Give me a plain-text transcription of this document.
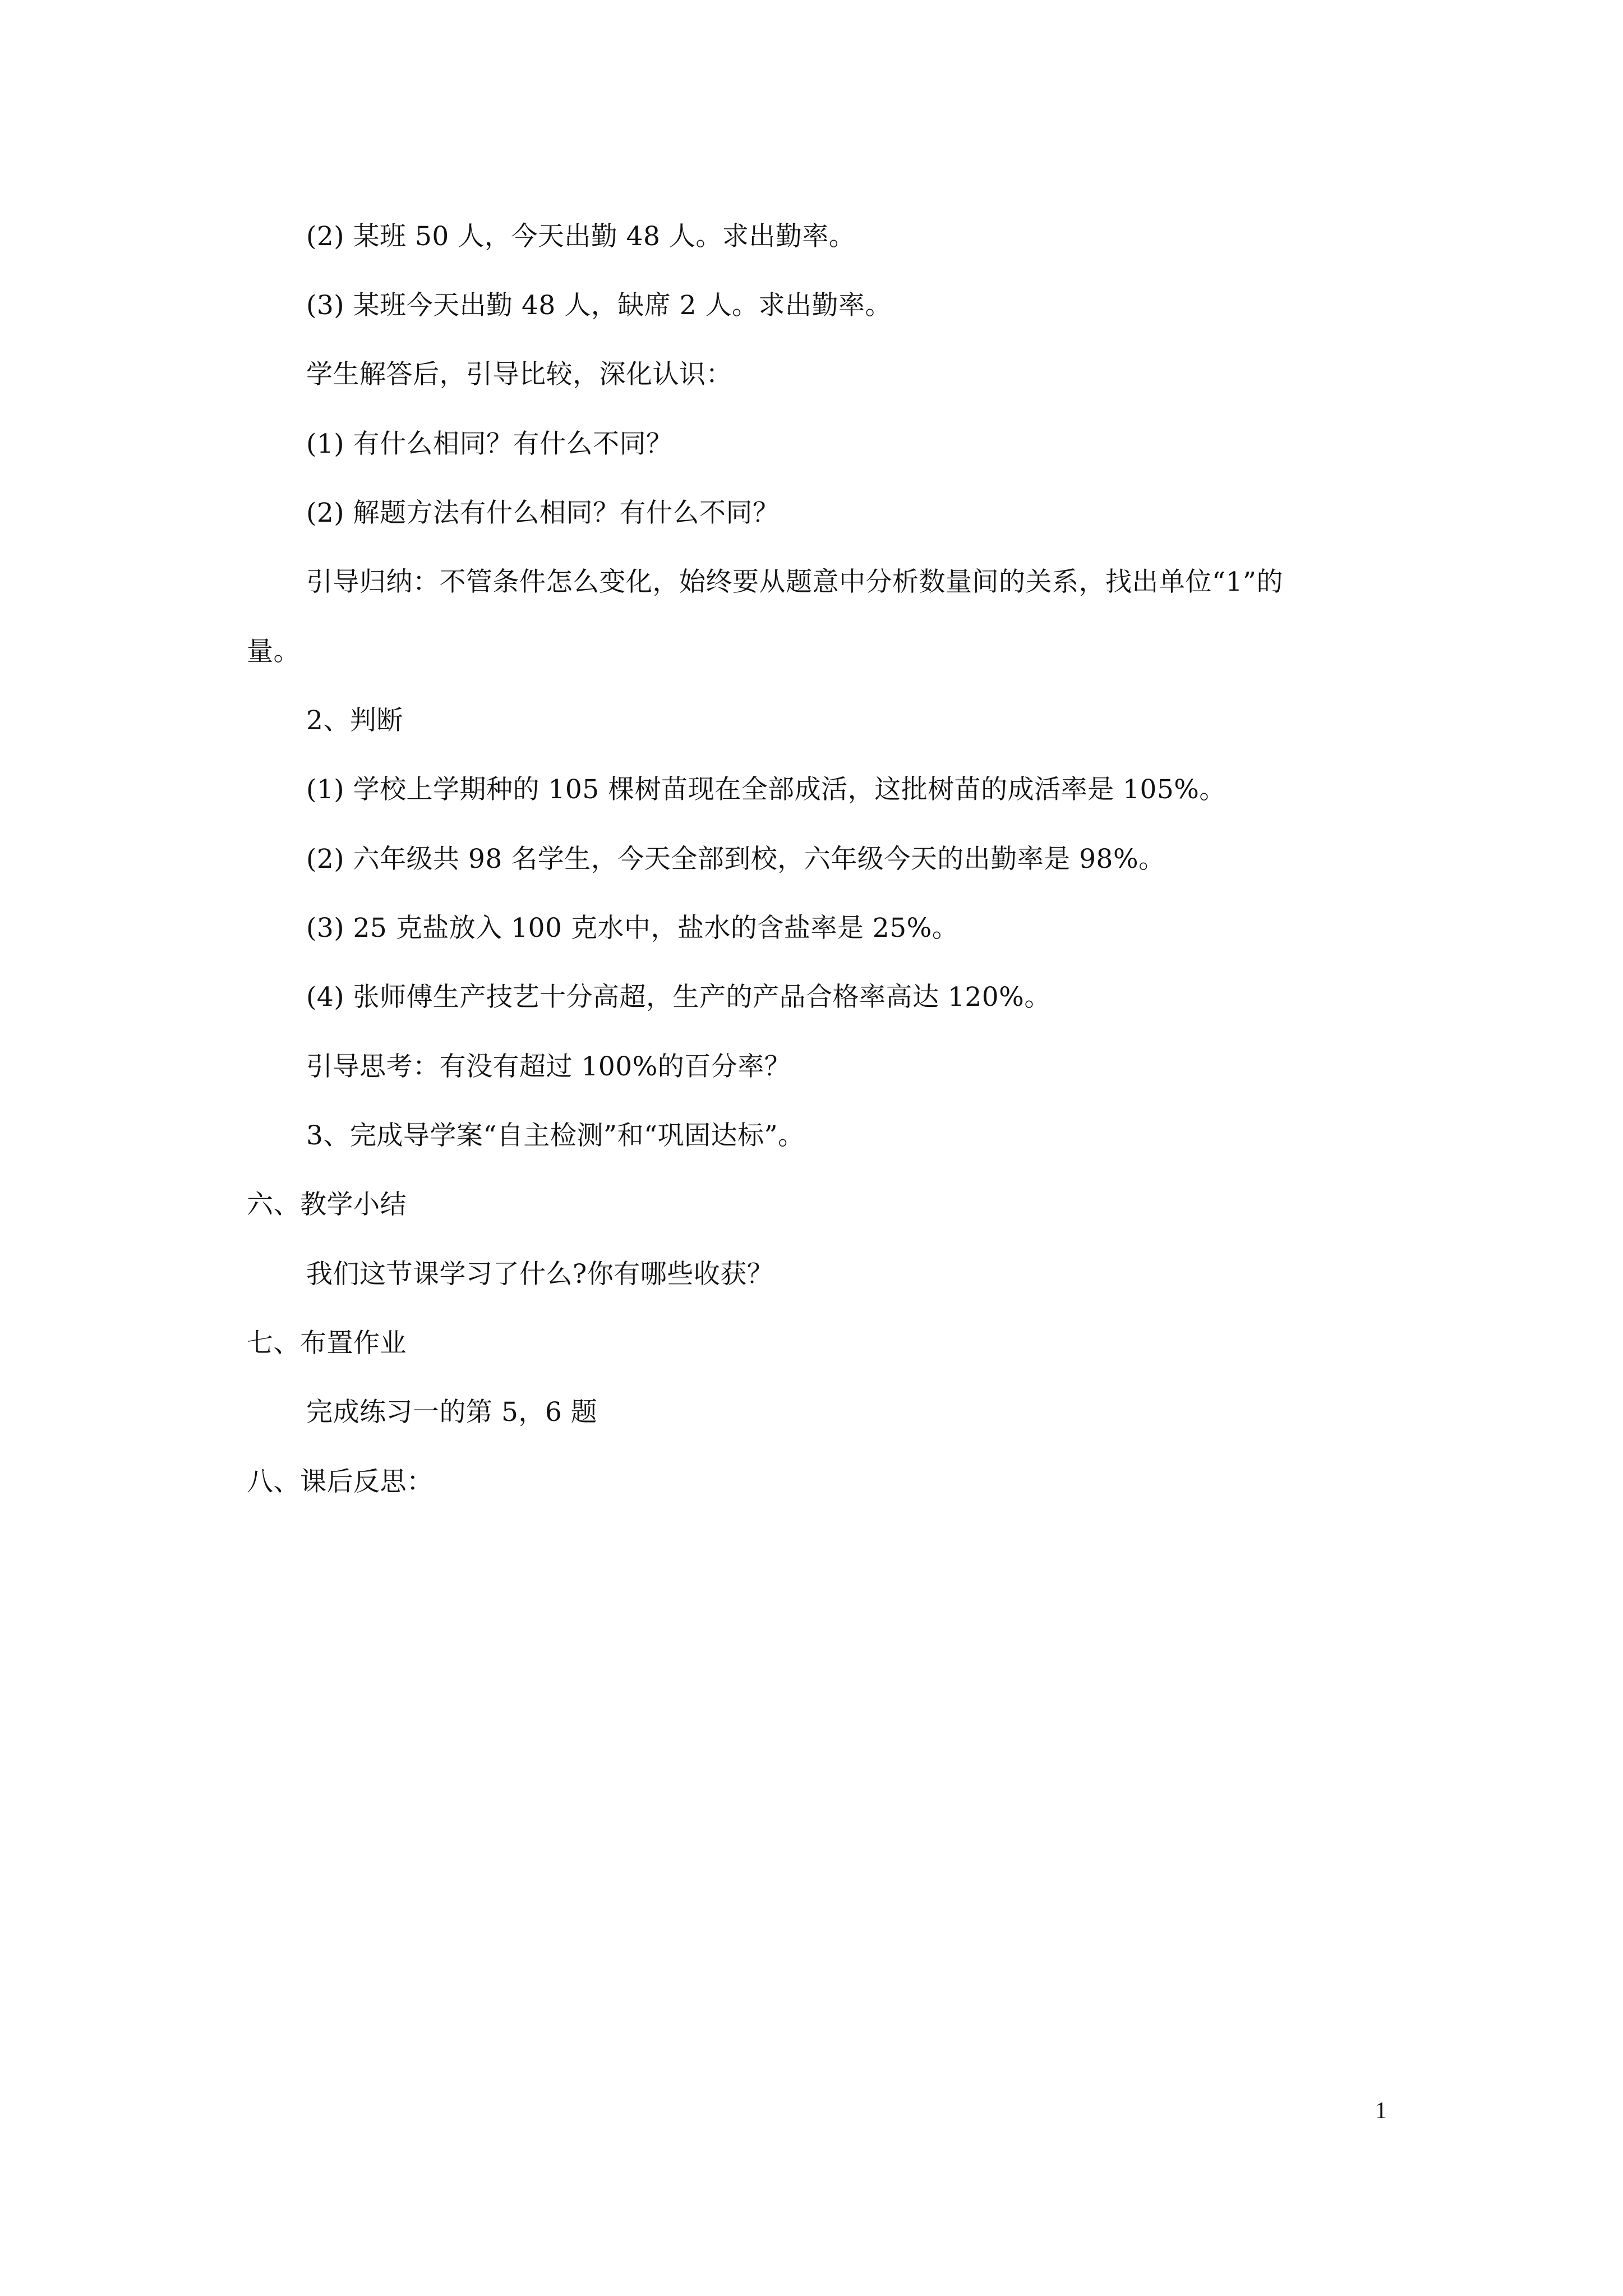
(2) 某班 50 人，今天出勤 48 人。求出勤率。
(3) 某班今天出勤 48 人，缺席 2 人。求出勤率。
学生解答后，引导比较，深化认识：
(1) 有什么相同？有什么不同？
(2) 解题方法有什么相同？有什么不同？
引导归纳：不管条件怎么变化，始终要从题意中分析数量间的关系，找出单位“1”的
量。
2、判断
(1) 学校上学期种的 105 棵树苗现在全部成活，这批树苗的成活率是 105%。
(2) 六年级共 98 名学生，今天全部到校，六年级今天的出勤率是 98%。
(3) 25 克盐放入 100 克水中，盐水的含盐率是 25%。
(4) 张师傅生产技艺十分高超，生产的产品合格率高达 120%。
引导思考：有没有超过 100%的百分率？
3、完成导学案“自主检测”和“巩固达标”。
六、教学小结
我们这节课学习了什么?你有哪些收获？
七、布置作业
完成练习一的第 5，6 题
八、课后反思：
1
